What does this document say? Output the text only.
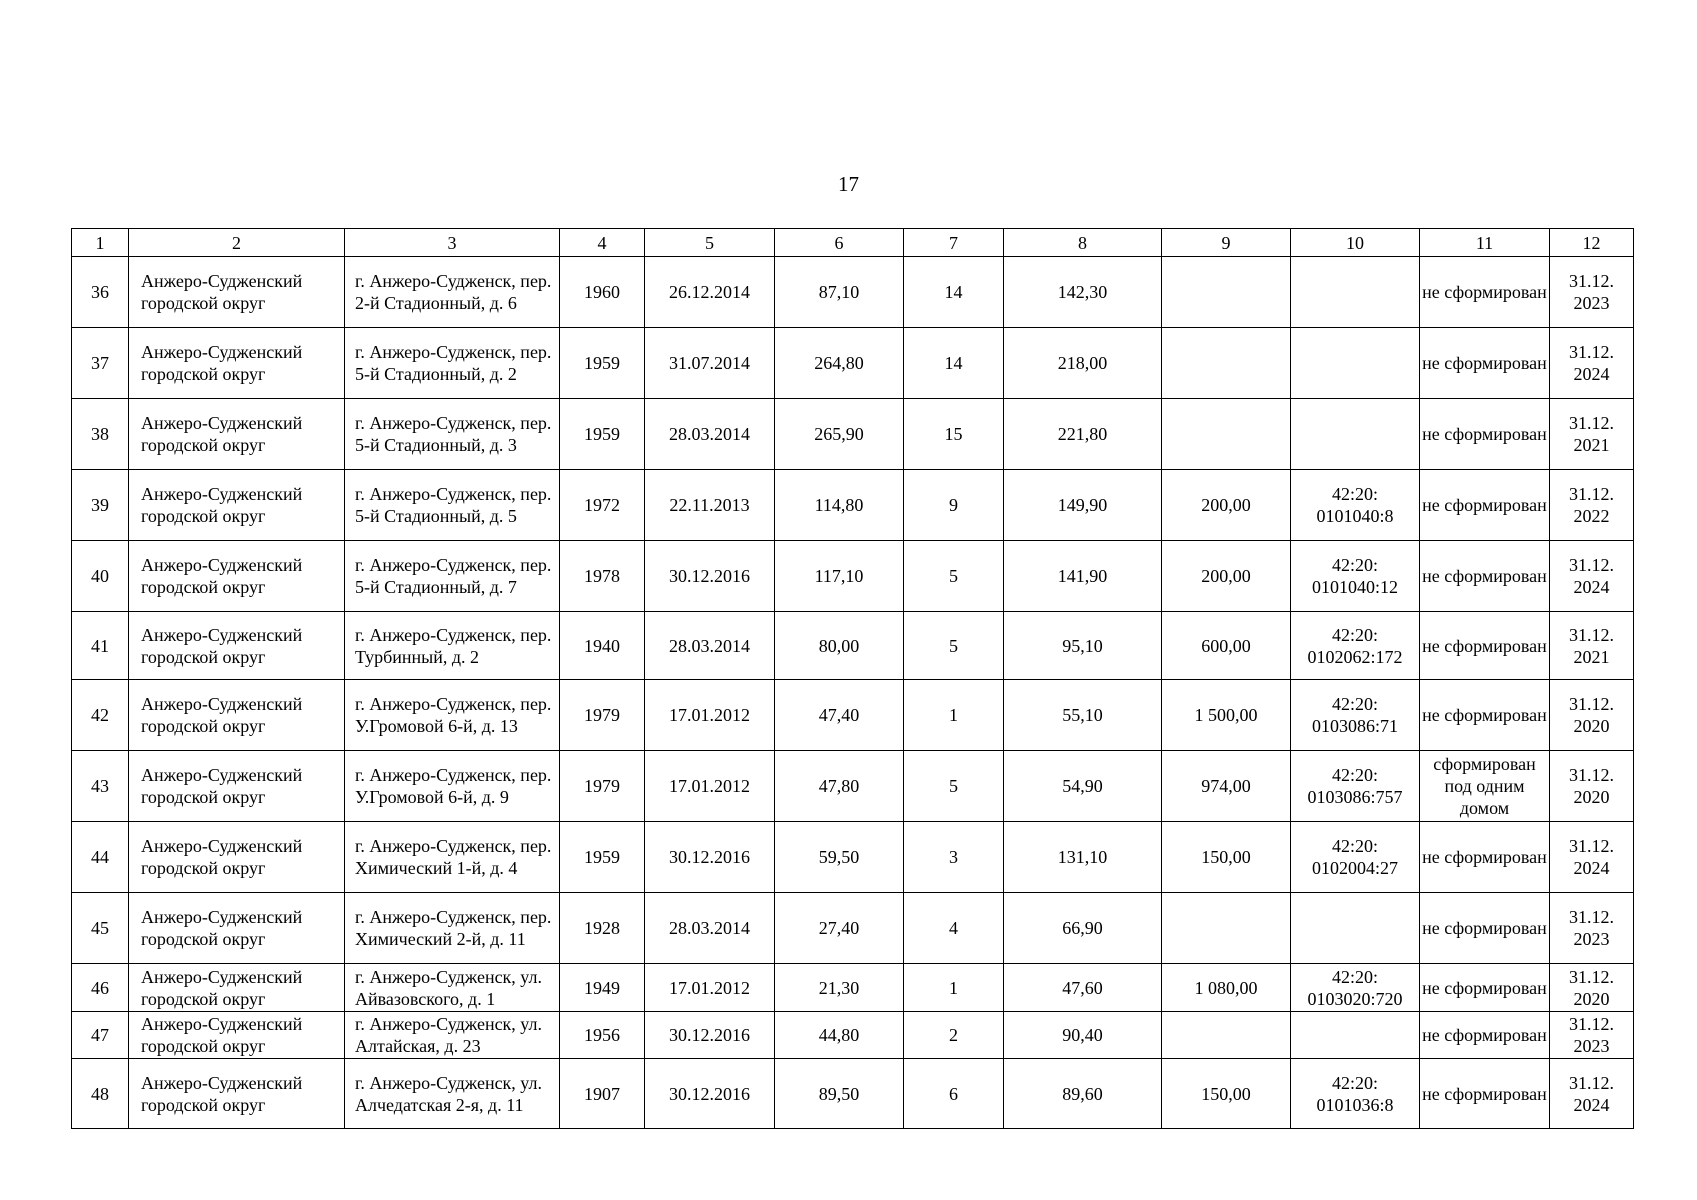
17
1	2	3	4	5	6	7	8	9	10	11	12
36	Анжеро-Судженский городской округ	г. Анжеро-Судженск, пер. 2-й Стадионный, д. 6	1960	26.12.2014	87,10	14	142,30			не сформирован	31.12. 2023
37	Анжеро-Судженский городской округ	г. Анжеро-Судженск, пер. 5-й Стадионный, д. 2	1959	31.07.2014	264,80	14	218,00			не сформирован	31.12. 2024
38	Анжеро-Судженский городской округ	г. Анжеро-Судженск, пер. 5-й Стадионный, д. 3	1959	28.03.2014	265,90	15	221,80			не сформирован	31.12. 2021
39	Анжеро-Судженский городской округ	г. Анжеро-Судженск, пер. 5-й Стадионный, д. 5	1972	22.11.2013	114,80	9	149,90	200,00	42:20: 0101040:8	не сформирован	31.12. 2022
40	Анжеро-Судженский городской округ	г. Анжеро-Судженск, пер. 5-й Стадионный, д. 7	1978	30.12.2016	117,10	5	141,90	200,00	42:20: 0101040:12	не сформирован	31.12. 2024
41	Анжеро-Судженский городской округ	г. Анжеро-Судженск, пер. Турбинный, д. 2	1940	28.03.2014	80,00	5	95,10	600,00	42:20: 0102062:172	не сформирован	31.12. 2021
42	Анжеро-Судженский городской округ	г. Анжеро-Судженск, пер. У.Громовой 6-й, д. 13	1979	17.01.2012	47,40	1	55,10	1 500,00	42:20: 0103086:71	не сформирован	31.12. 2020
43	Анжеро-Судженский городской округ	г. Анжеро-Судженск, пер. У.Громовой 6-й, д. 9	1979	17.01.2012	47,80	5	54,90	974,00	42:20: 0103086:757	сформирован под одним домом	31.12. 2020
44	Анжеро-Судженский городской округ	г. Анжеро-Судженск, пер. Химический 1-й, д. 4	1959	30.12.2016	59,50	3	131,10	150,00	42:20: 0102004:27	не сформирован	31.12. 2024
45	Анжеро-Судженский городской округ	г. Анжеро-Судженск, пер. Химический 2-й, д. 11	1928	28.03.2014	27,40	4	66,90			не сформирован	31.12. 2023
46	Анжеро-Судженский городской округ	г. Анжеро-Судженск, ул. Айвазовского, д. 1	1949	17.01.2012	21,30	1	47,60	1 080,00	42:20: 0103020:720	не сформирован	31.12. 2020
47	Анжеро-Судженский городской округ	г. Анжеро-Судженск, ул. Алтайская, д. 23	1956	30.12.2016	44,80	2	90,40			не сформирован	31.12. 2023
48	Анжеро-Судженский городской округ	г. Анжеро-Судженск, ул. Алчедатская 2-я, д. 11	1907	30.12.2016	89,50	6	89,60	150,00	42:20: 0101036:8	не сформирован	31.12. 2024
